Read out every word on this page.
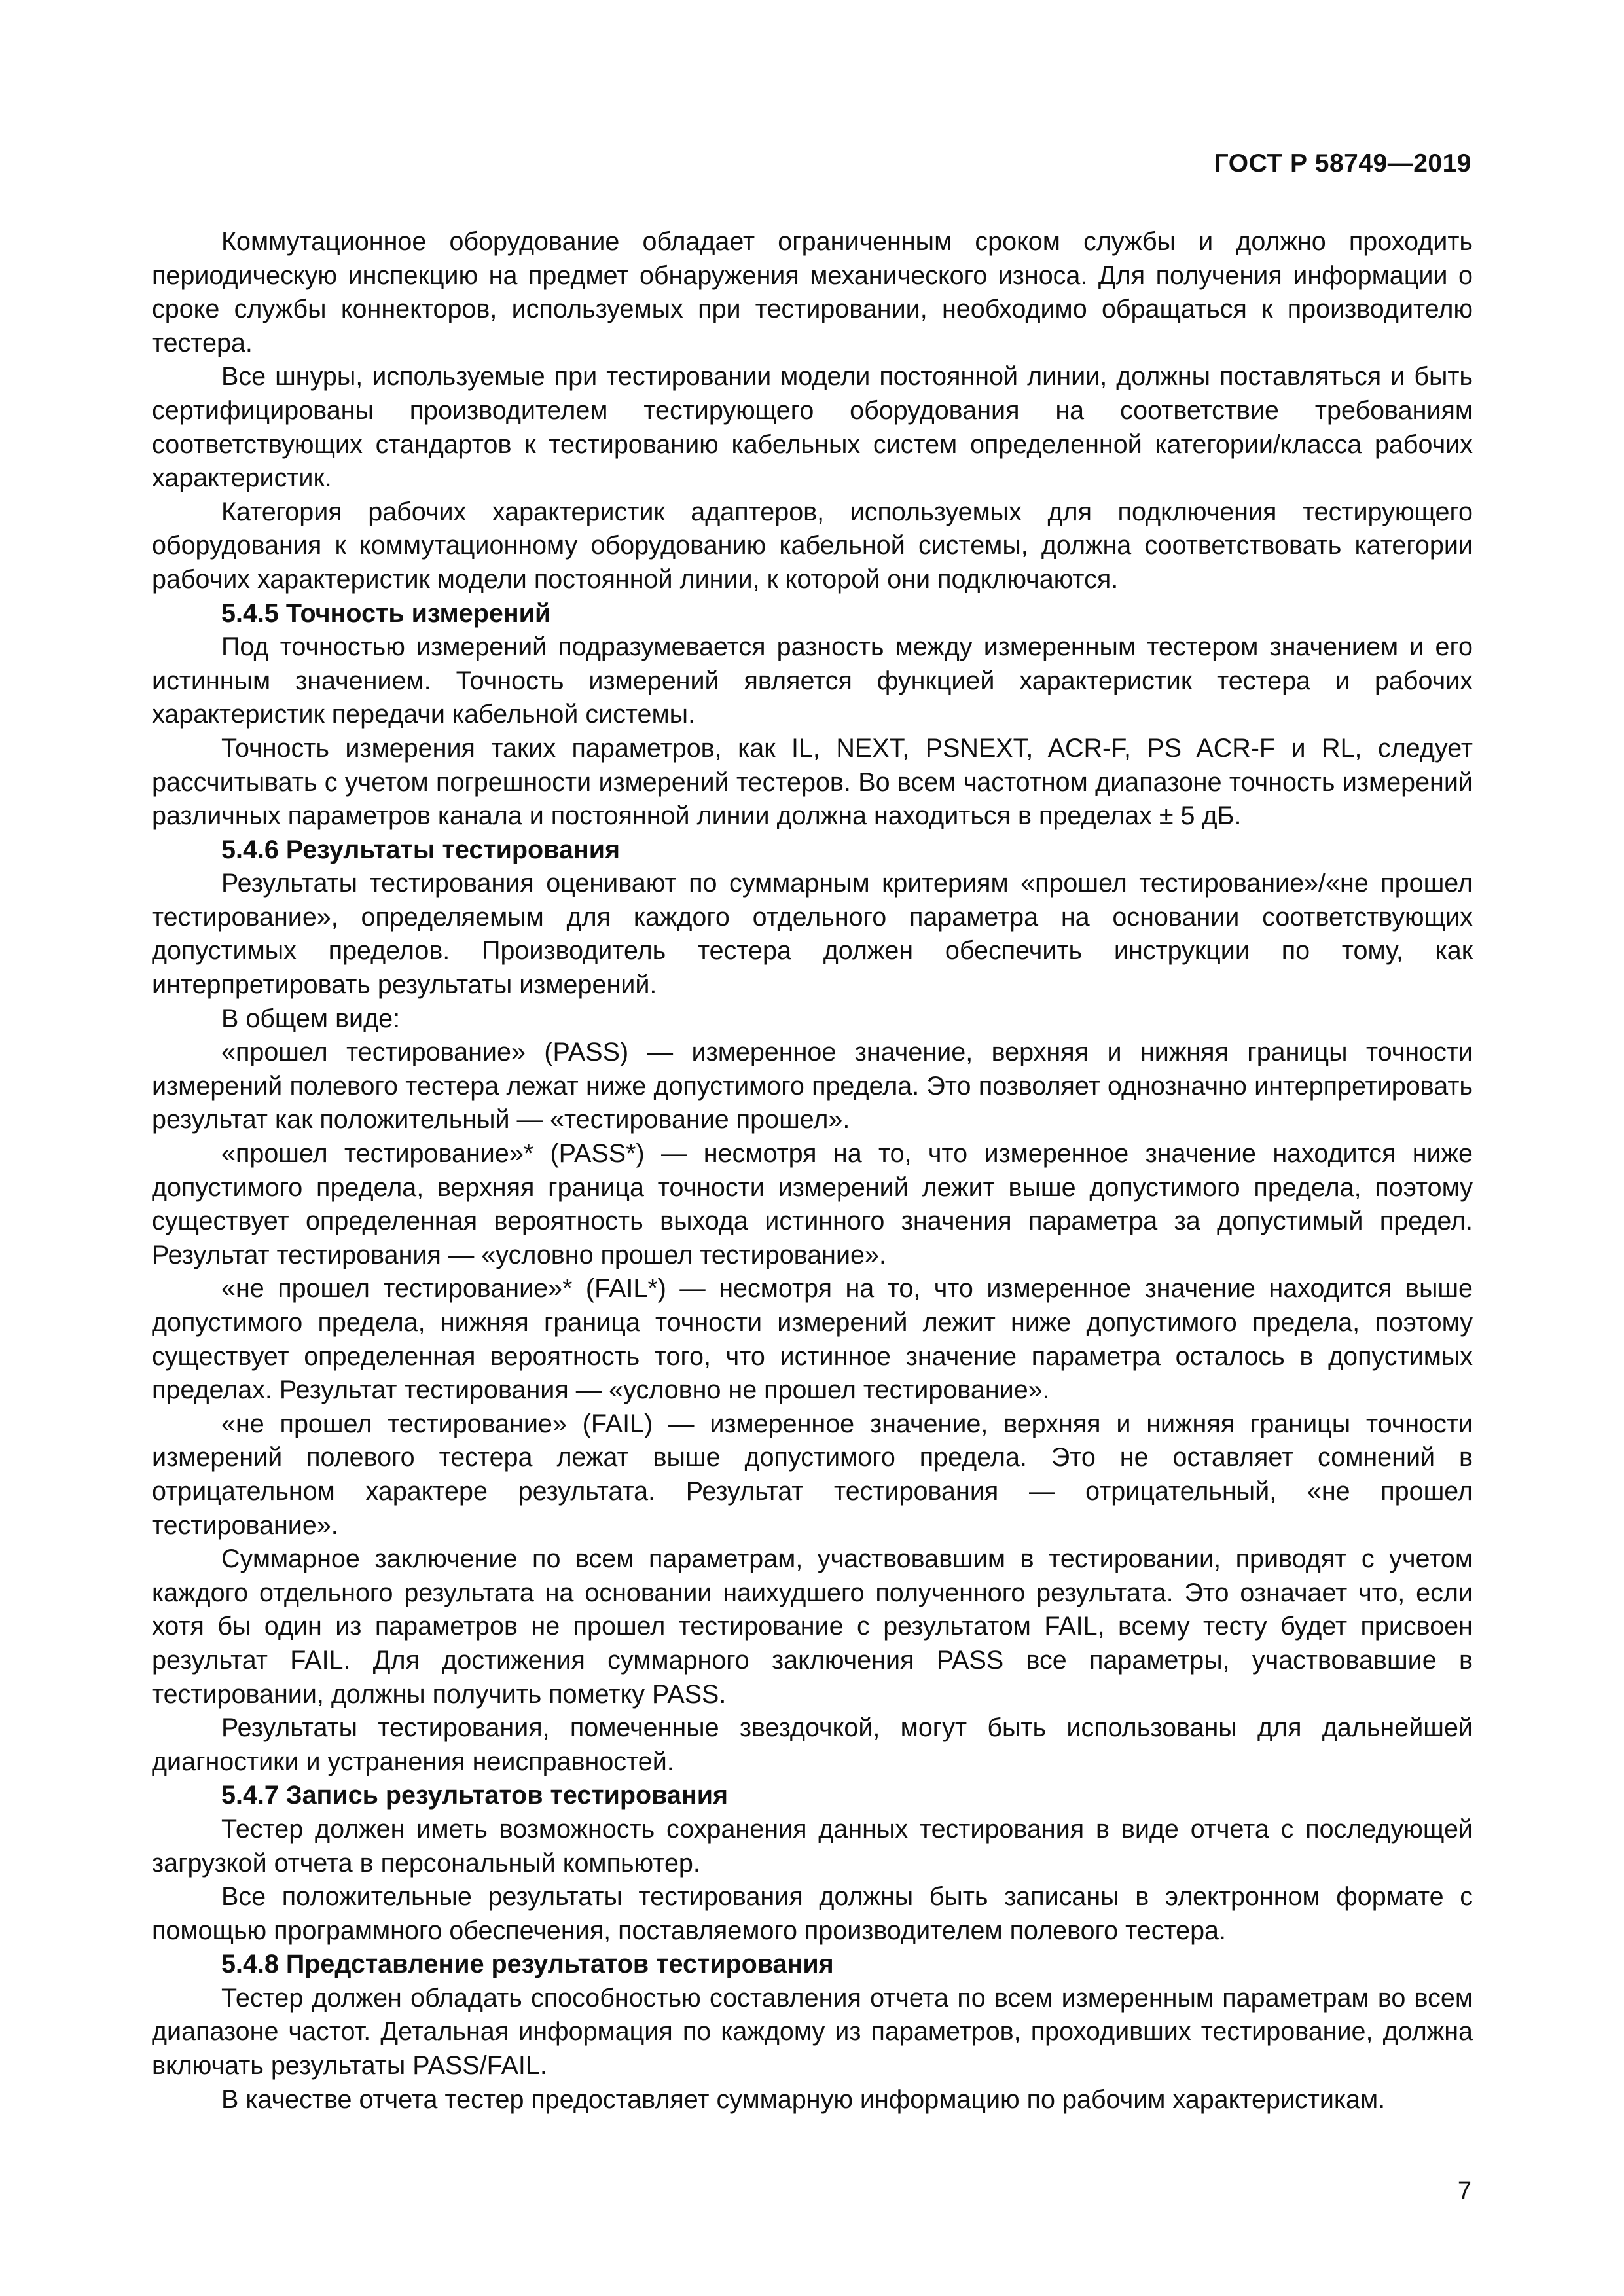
ГОСТ Р 58749—2019

Коммутационное оборудование обладает ограниченным сроком службы и должно проходить периодическую инспекцию на предмет обнаружения механического износа. Для получения информации о сроке службы коннекторов, используемых при тестировании, необходимо обращаться к производителю тестера.

Все шнуры, используемые при тестировании модели постоянной линии, должны поставляться и быть сертифицированы производителем тестирующего оборудования на соответствие требованиям соответствующих стандартов к тестированию кабельных систем определенной категории/класса рабочих характеристик.

Категория рабочих характеристик адаптеров, используемых для подключения тестирующего оборудования к коммутационному оборудованию кабельной системы, должна соответствовать категории рабочих характеристик модели постоянной линии, к которой они подключаются.

5.4.5 Точность измерений

Под точностью измерений подразумевается разность между измеренным тестером значением и его истинным значением. Точность измерений является функцией характеристик тестера и рабочих характеристик передачи кабельной системы.

Точность измерения таких параметров, как IL, NEXT, PSNEXT, ACR-F, PS ACR-F и RL, следует рассчитывать с учетом погрешности измерений тестеров. Во всем частотном диапазоне точность измерений различных параметров канала и постоянной линии должна находиться в пределах ± 5 дБ.

5.4.6 Результаты тестирования

Результаты тестирования оценивают по суммарным критериям «прошел тестирование»/«не прошел тестирование», определяемым для каждого отдельного параметра на основании соответствующих допустимых пределов. Производитель тестера должен обеспечить инструкции по тому, как интерпретировать результаты измерений.

В общем виде:

«прошел тестирование» (PASS) — измеренное значение, верхняя и нижняя границы точности измерений полевого тестера лежат ниже допустимого предела. Это позволяет однозначно интерпретировать результат как положительный — «тестирование прошел».

«прошел тестирование»* (PASS*) — несмотря на то, что измеренное значение находится ниже допустимого предела, верхняя граница точности измерений лежит выше допустимого предела, поэтому существует определенная вероятность выхода истинного значения параметра за допустимый предел. Результат тестирования — «условно прошел тестирование».

«не прошел тестирование»* (FAIL*) — несмотря на то, что измеренное значение находится выше допустимого предела, нижняя граница точности измерений лежит ниже допустимого предела, поэтому существует определенная вероятность того, что истинное значение параметра осталось в допустимых пределах. Результат тестирования — «условно не прошел тестирование».

«не прошел тестирование» (FAIL) — измеренное значение, верхняя и нижняя границы точности измерений полевого тестера лежат выше допустимого предела. Это не оставляет сомнений в отрицательном характере результата. Результат тестирования — отрицательный, «не прошел тестирование».

Суммарное заключение по всем параметрам, участвовавшим в тестировании, приводят с учетом каждого отдельного результата на основании наихудшего полученного результата. Это означает что, если хотя бы один из параметров не прошел тестирование с результатом FAIL, всему тесту будет присвоен результат FAIL. Для достижения суммарного заключения PASS все параметры, участвовавшие в тестировании, должны получить пометку PASS.

Результаты тестирования, помеченные звездочкой, могут быть использованы для дальнейшей диагностики и устранения неисправностей.

5.4.7 Запись результатов тестирования

Тестер должен иметь возможность сохранения данных тестирования в виде отчета с последующей загрузкой отчета в персональный компьютер.

Все положительные результаты тестирования должны быть записаны в электронном формате с помощью программного обеспечения, поставляемого производителем полевого тестера.

5.4.8 Представление результатов тестирования

Тестер должен обладать способностью составления отчета по всем измеренным параметрам во всем диапазоне частот. Детальная информация по каждому из параметров, проходивших тестирование, должна включать результаты PASS/FAIL.

В качестве отчета тестер предоставляет суммарную информацию по рабочим характеристикам.

7
